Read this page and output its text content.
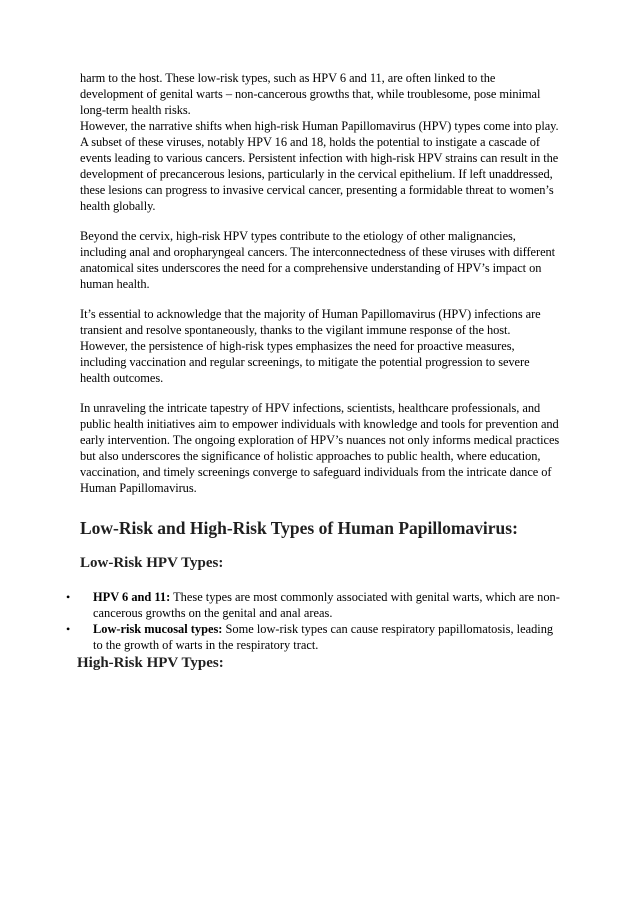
harm to the host. These low-risk types, such as HPV 6 and 11, are often linked to the development of genital warts – non-cancerous growths that, while troublesome, pose minimal long-term health risks.

However, the narrative shifts when high-risk Human Papillomavirus (HPV) types come into play. A subset of these viruses, notably HPV 16 and 18, holds the potential to instigate a cascade of events leading to various cancers. Persistent infection with high-risk HPV strains can result in the development of precancerous lesions, particularly in the cervical epithelium. If left unaddressed, these lesions can progress to invasive cervical cancer, presenting a formidable threat to women’s health globally.

Beyond the cervix, high-risk HPV types contribute to the etiology of other malignancies, including anal and oropharyngeal cancers. The interconnectedness of these viruses with different anatomical sites underscores the need for a comprehensive understanding of HPV’s impact on human health.

It’s essential to acknowledge that the majority of Human Papillomavirus (HPV) infections are transient and resolve spontaneously, thanks to the vigilant immune response of the host. However, the persistence of high-risk types emphasizes the need for proactive measures, including vaccination and regular screenings, to mitigate the potential progression to severe health outcomes.

In unraveling the intricate tapestry of HPV infections, scientists, healthcare professionals, and public health initiatives aim to empower individuals with knowledge and tools for prevention and early intervention. The ongoing exploration of HPV’s nuances not only informs medical practices but also underscores the significance of holistic approaches to public health, where education, vaccination, and timely screenings converge to safeguard individuals from the intricate dance of Human Papillomavirus.

Low-Risk and High-Risk Types of Human Papillomavirus:
Low-Risk HPV Types:
• HPV 6 and 11: These types are most commonly associated with genital warts, which are non-cancerous growths on the genital and anal areas.
• Low-risk mucosal types: Some low-risk types can cause respiratory papillomatosis, leading to the growth of warts in the respiratory tract.
High-Risk HPV Types:
